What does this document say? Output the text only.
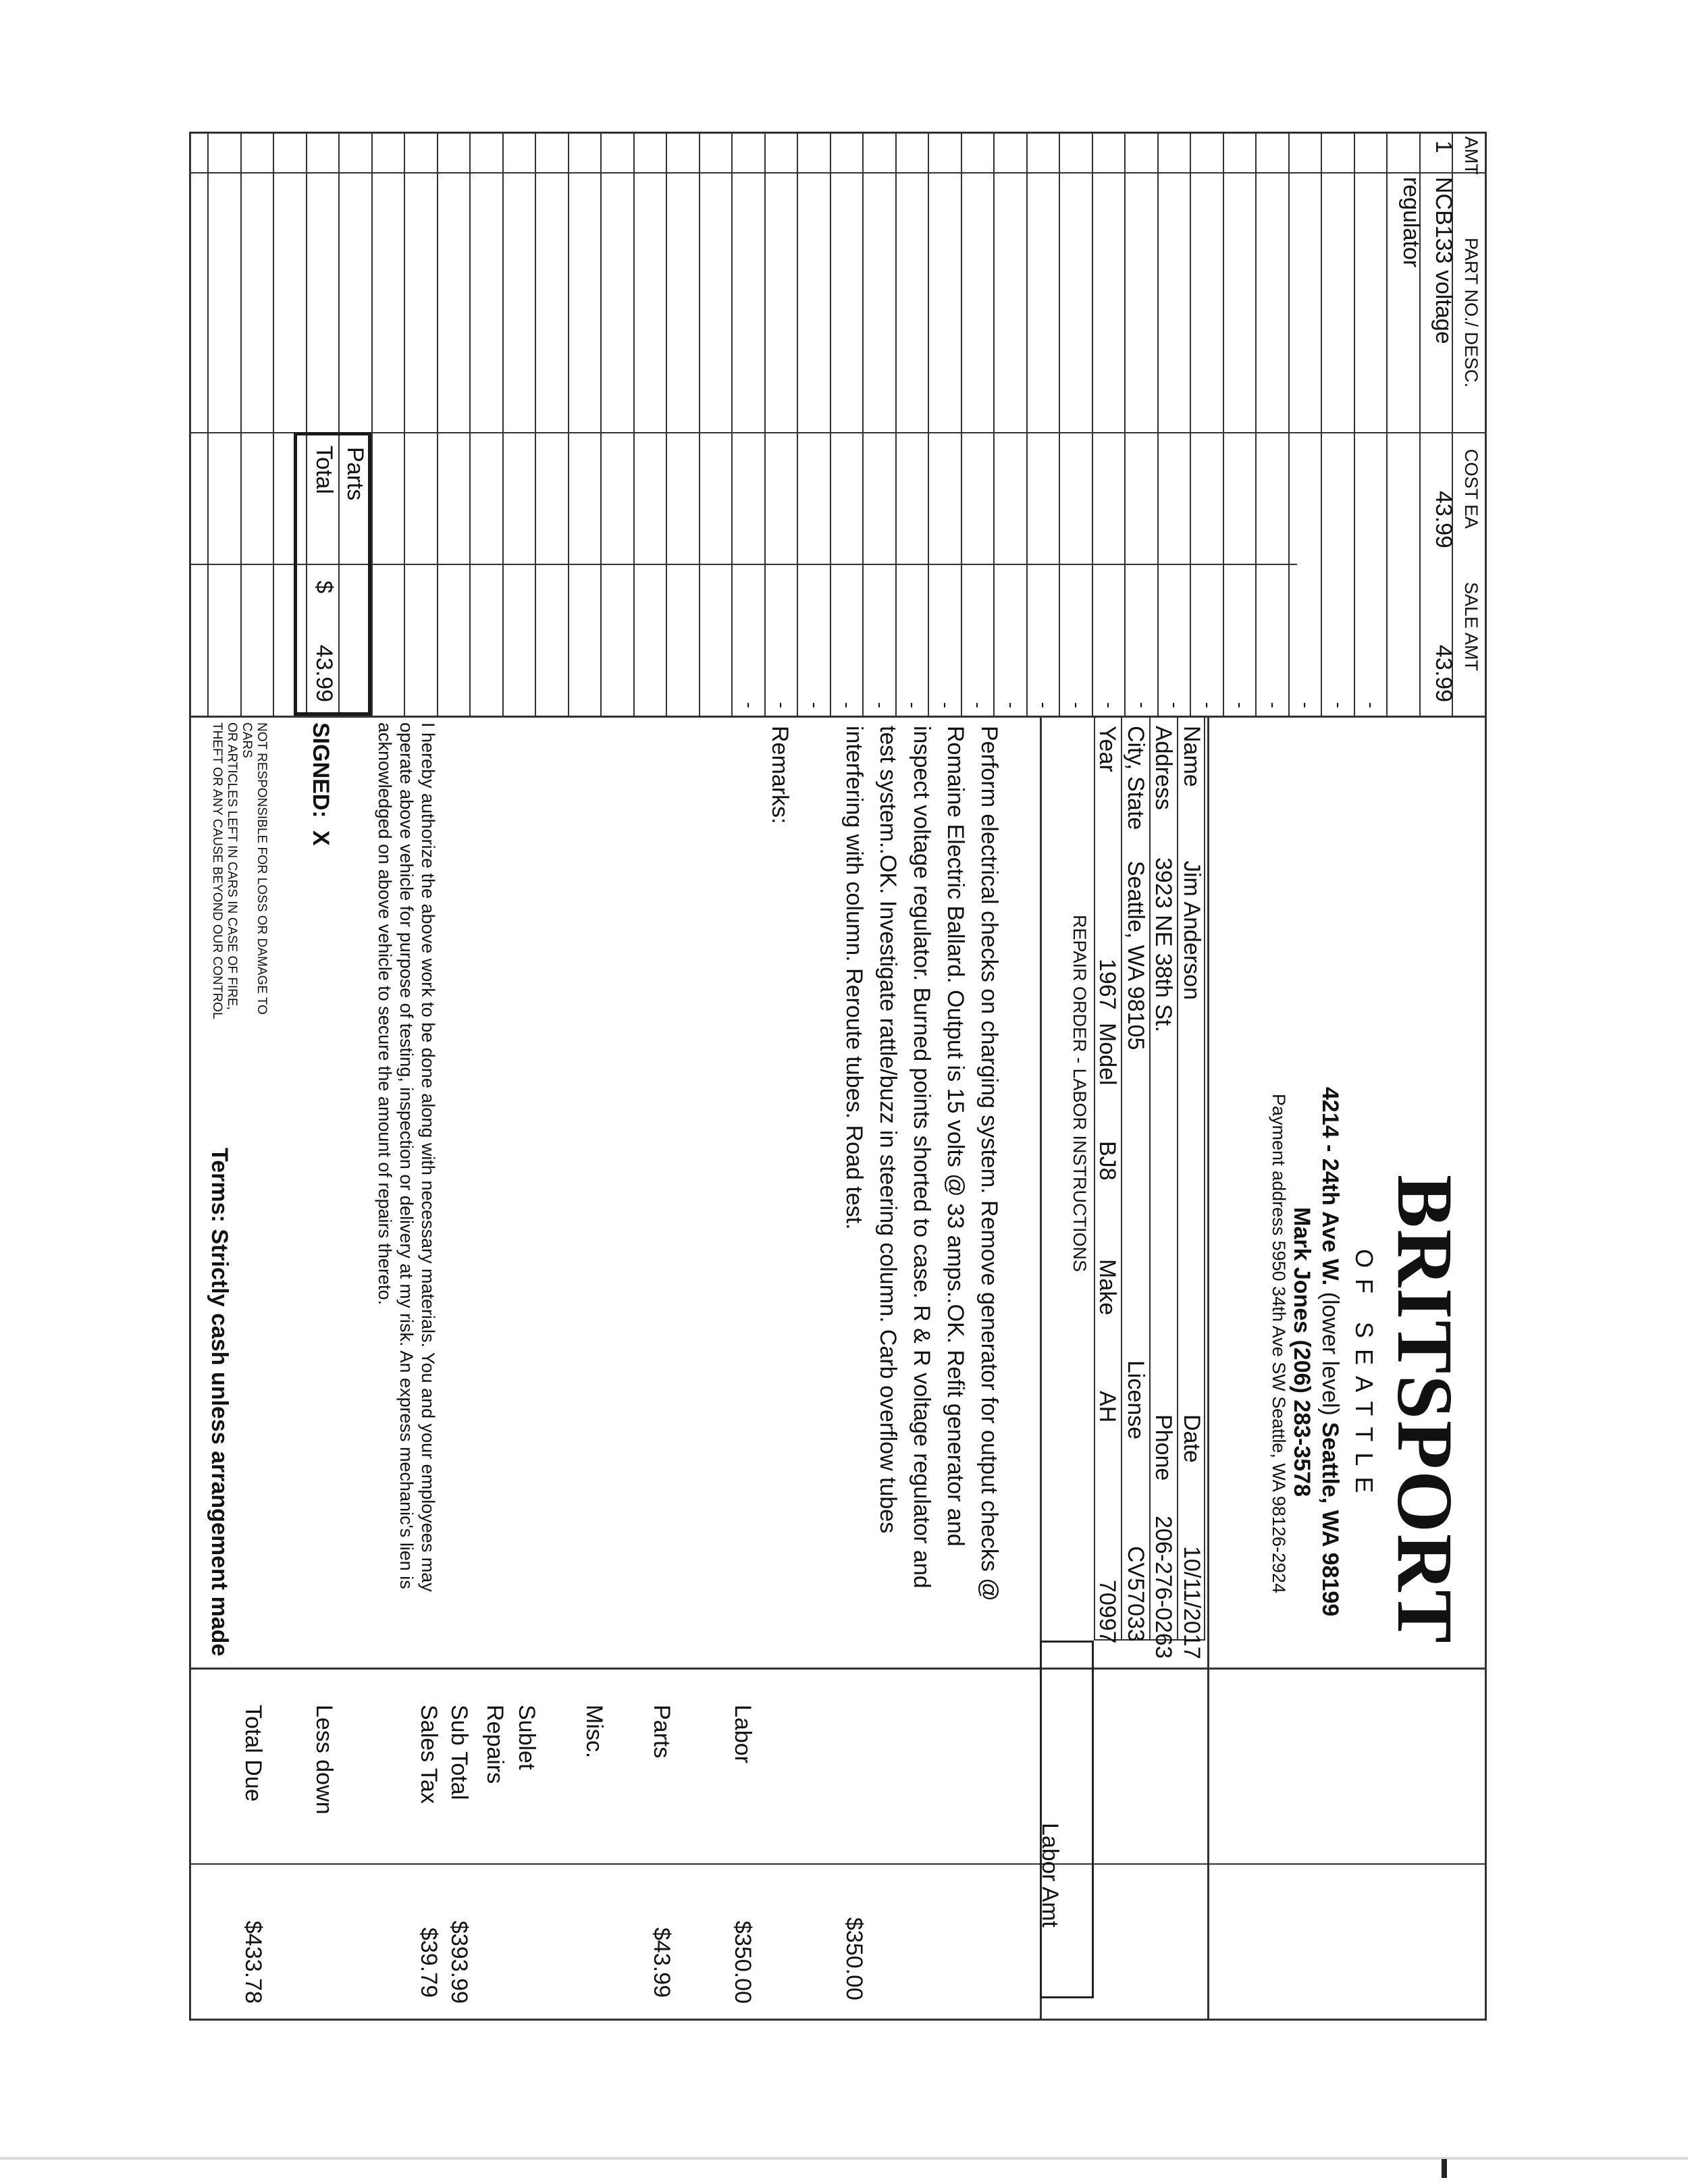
AMT
PART NO./ DESC.
COST EA
SALE AMT
1
NCB133 voltage
43.99
43.99
regulator
Parts
Total
$
43.99
BRITSPORT
OF SEATTLE
4214 - 24th Ave W. (lower level) Seattle, WA 98199
Mark Jones (206) 283-3578
Payment address 5950 34th Ave SW Seattle, WA 98126-2924
Name
Jim Anderson
Date
10/11/2017
Address
3923 NE 38th St.
Phone
206-276-0263
City, State
Seattle, WA 98105
License
CV57033
Year
1967
Model
BJ8
Make
AH
70997
REPAIR ORDER - LABOR INSTRUCTIONS
Labor Amt
Perform electrical checks on charging system. Remove generator for output checks @
Romaine Electric Ballard. Output is 15 volts @ 33 amps..OK. Refit generator and
inspect voltage regulator. Burned points shorted to case. R & R voltage regulator and
test system..OK. Investigate rattle/buzz in steering column. Carb overflow tubes
interfering with column. Reroute tubes. Road test.
$350.00
Remarks:
Labor
$350.00
Parts
$43.99
Misc.
Sublet
Repairs
Sub Total
$393.99
Sales Tax
$39.79
Less down
Total Due
$433.78
I hereby authorize the above work to be done along with necessary materials. You and your employees may
operate above vehicle for purpose of testing, inspection or delivery at my risk. An express mechanic's lien is
acknowledged on above vehicle to secure the amount of repairs thereto.
SIGNED:
X
NOT RESPONSIBLE FOR LOSS OR DAMAGE TO
CARS
OR ARTICLES LEFT IN CARS IN CASE OF FIRE,
THEFT OR ANY CAUSE BEYOND OUR CONTROL
Terms: Strictly cash unless arrangement made
-
-
-
-
-
-
-
-
-
-
-
-
-
-
-
-
-
-
-
-
